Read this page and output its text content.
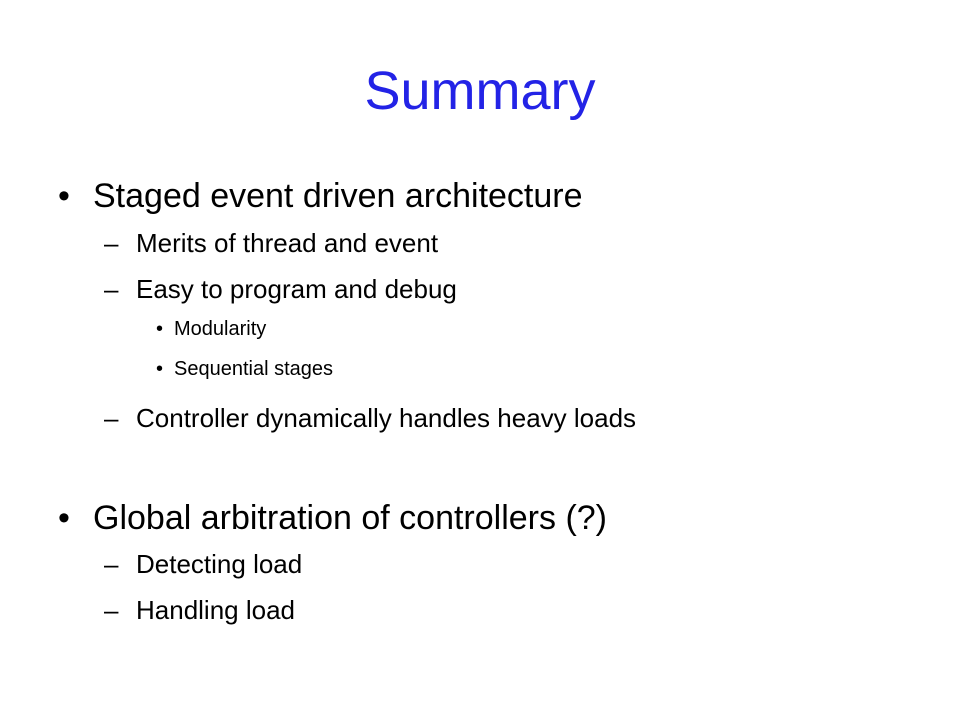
Summary
• Staged event driven architecture
– Merits of thread and event
– Easy to program and debug
• Modularity
• Sequential stages
– Controller dynamically handles heavy loads
• Global arbitration of controllers (?)
– Detecting load
– Handling load
